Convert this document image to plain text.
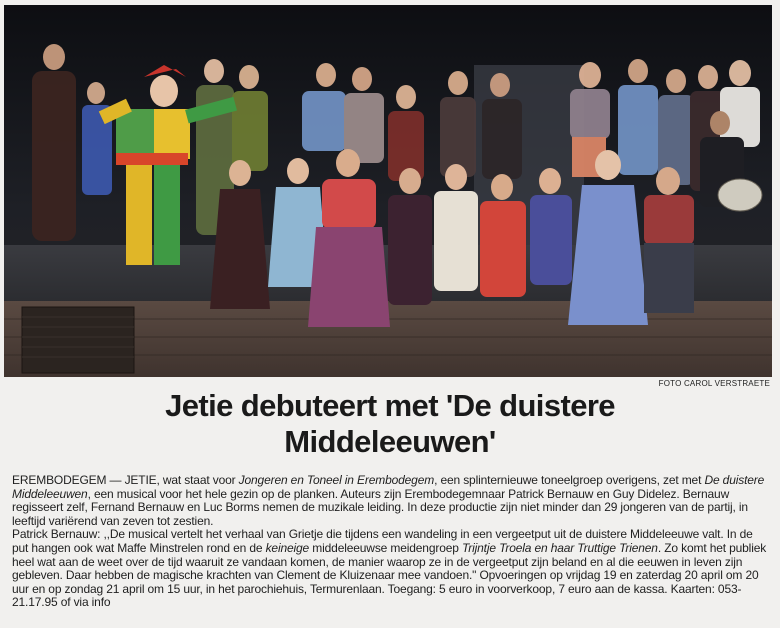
FOTO CAROL VERSTRAETE
Jetie debuteert met 'De duistere
Middeleeuwen'

EREMBODEGEM — JETIE, wat staat voor Jongeren en Toneel in Erembodegem, een splinternieuwe toneelgroep overigens, zet met De duistere Middeleeuwen, een musical voor het hele gezin op de planken. Auteurs zijn Erembodegemnaar Patrick Bernauw en Guy Didelez. Bernauw regisseert zelf, Fernand Bernauw en Luc Borms nemen de muzikale leiding. In deze productie zijn niet minder dan 29 jongeren van de partij, in leeftijd variërend van zeven tot zestien.

Patrick Bernauw: ,,De musical vertelt het verhaal van Grietje die tijdens een wandeling in een vergeetput uit de duistere Middeleeuwe valt. In de put hangen ook wat Maffe Minstrelen rond en de keineige middeleeuwse meidengroep Trijntje Troela en haar Truttige Trienen. Zo komt het publiek heel wat aan de weet over de tijd waaruit ze vandaan komen, de manier waarop ze in de vergeetput zijn beland en al die eeuwen in leven zijn gebleven. Daar hebben de magische krachten van Clement de Kluizenaar mee vandoen." Opvoeringen op vrijdag 19 en zaterdag 20 april om 20 uur en op zondag 21 april om 15 uur, in het parochiehuis, Termurenlaan. Toegang: 5 euro in voorverkoop, 7 euro aan de kassa. Kaarten: 053-21.17.95 of via info
